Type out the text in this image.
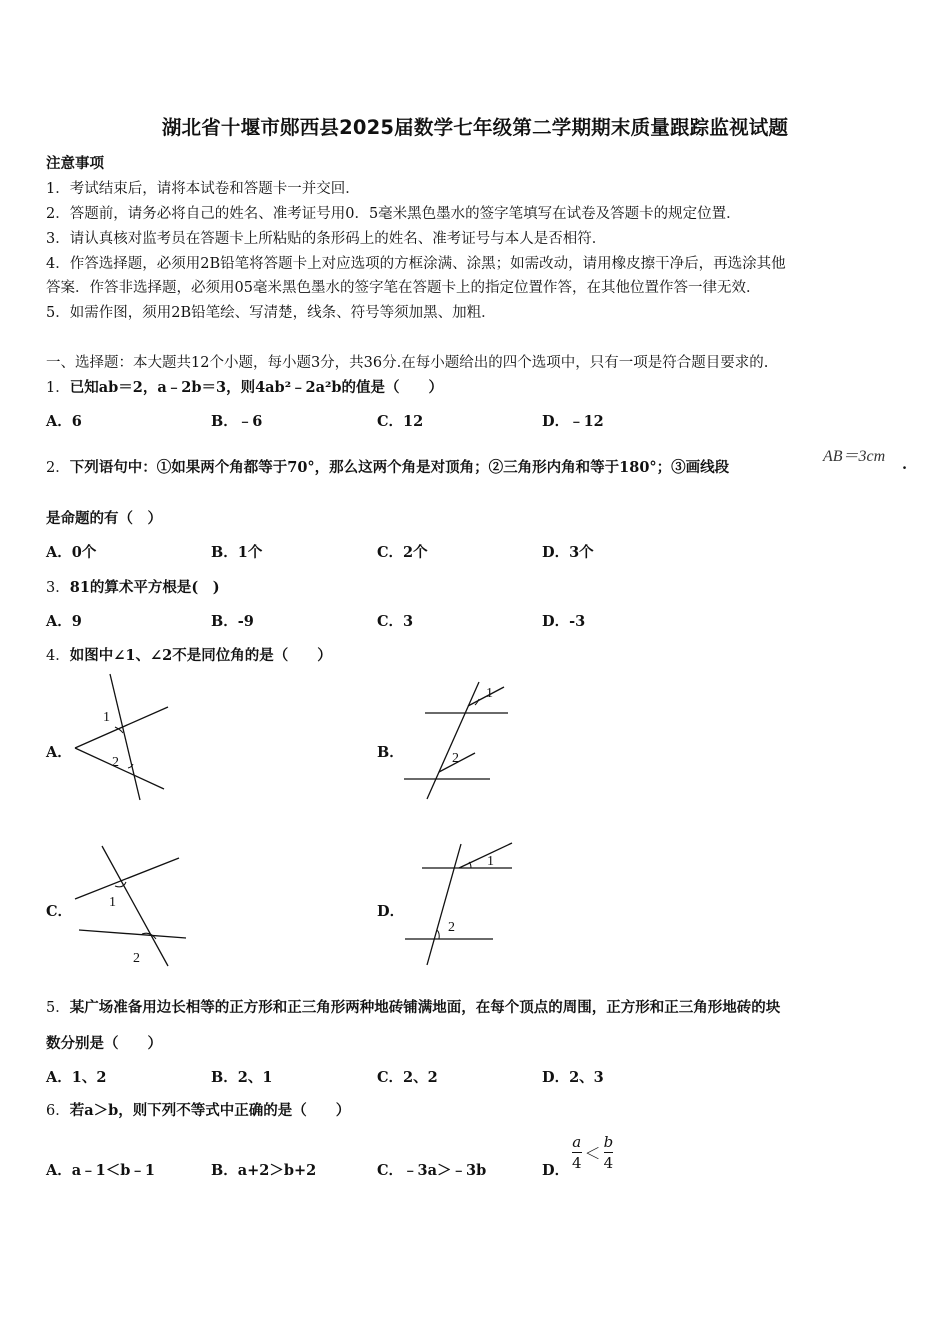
湖北省十堰市郧西县2025届数学七年级第二学期期末质量跟踪监视试题
注意事项
1．考试结束后，请将本试卷和答题卡一并交回．
2．答题前，请务必将自己的姓名、准考证号用0．5毫米黑色墨水的签字笔填写在试卷及答题卡的规定位置．
3．请认真核对监考员在答题卡上所粘贴的条形码上的姓名、准考证号与本人是否相符．
4．作答选择题，必须用2B铅笔将答题卡上对应选项的方框涂满、涂黑；如需改动，请用橡皮擦干净后，再选涂其他
答案．作答非选择题，必须用05毫米黑色墨水的签字笔在答题卡上的指定位置作答，在其他位置作答一律无效．
5．如需作图，须用2B铅笔绘、写清楚，线条、符号等须加黑、加粗．
一、选择题：本大题共12个小题，每小题3分，共36分.在每小题给出的四个选项中，只有一项是符合题目要求的.
1．已知ab＝2，a﹣2b＝3，则4ab²﹣2a²b的值是（　　）
A．6	B．﹣6	C．12	D．﹣12
2．下列语句中：①如果两个角都等于70°，那么这两个角是对顶角；②三角形内角和等于180°；③画线段
AB＝3cm .
是命题的有（　）
A．0个	B．1个	C．2个	D．3个
3．81的算术平方根是(　)
A．9	B．-9	C．3	D．-3
4．如图中∠1、∠2不是同位角的是（　　）
A．
1
2
B．
1
2
C．
1
2
D．
1
2
5．某广场准备用边长相等的正方形和正三角形两种地砖铺满地面，在每个顶点的周围，正方形和正三角形地砖的块
数分别是（　　）
A．1、2	B．2、1	C．2、2	D．2、3
6．若a＞b，则下列不等式中正确的是（　　）
A．a﹣1＜b﹣1	B．a+2＞b+2	C．﹣3a＞﹣3b	D． $\frac{a}{4} < \frac{b}{4}$
